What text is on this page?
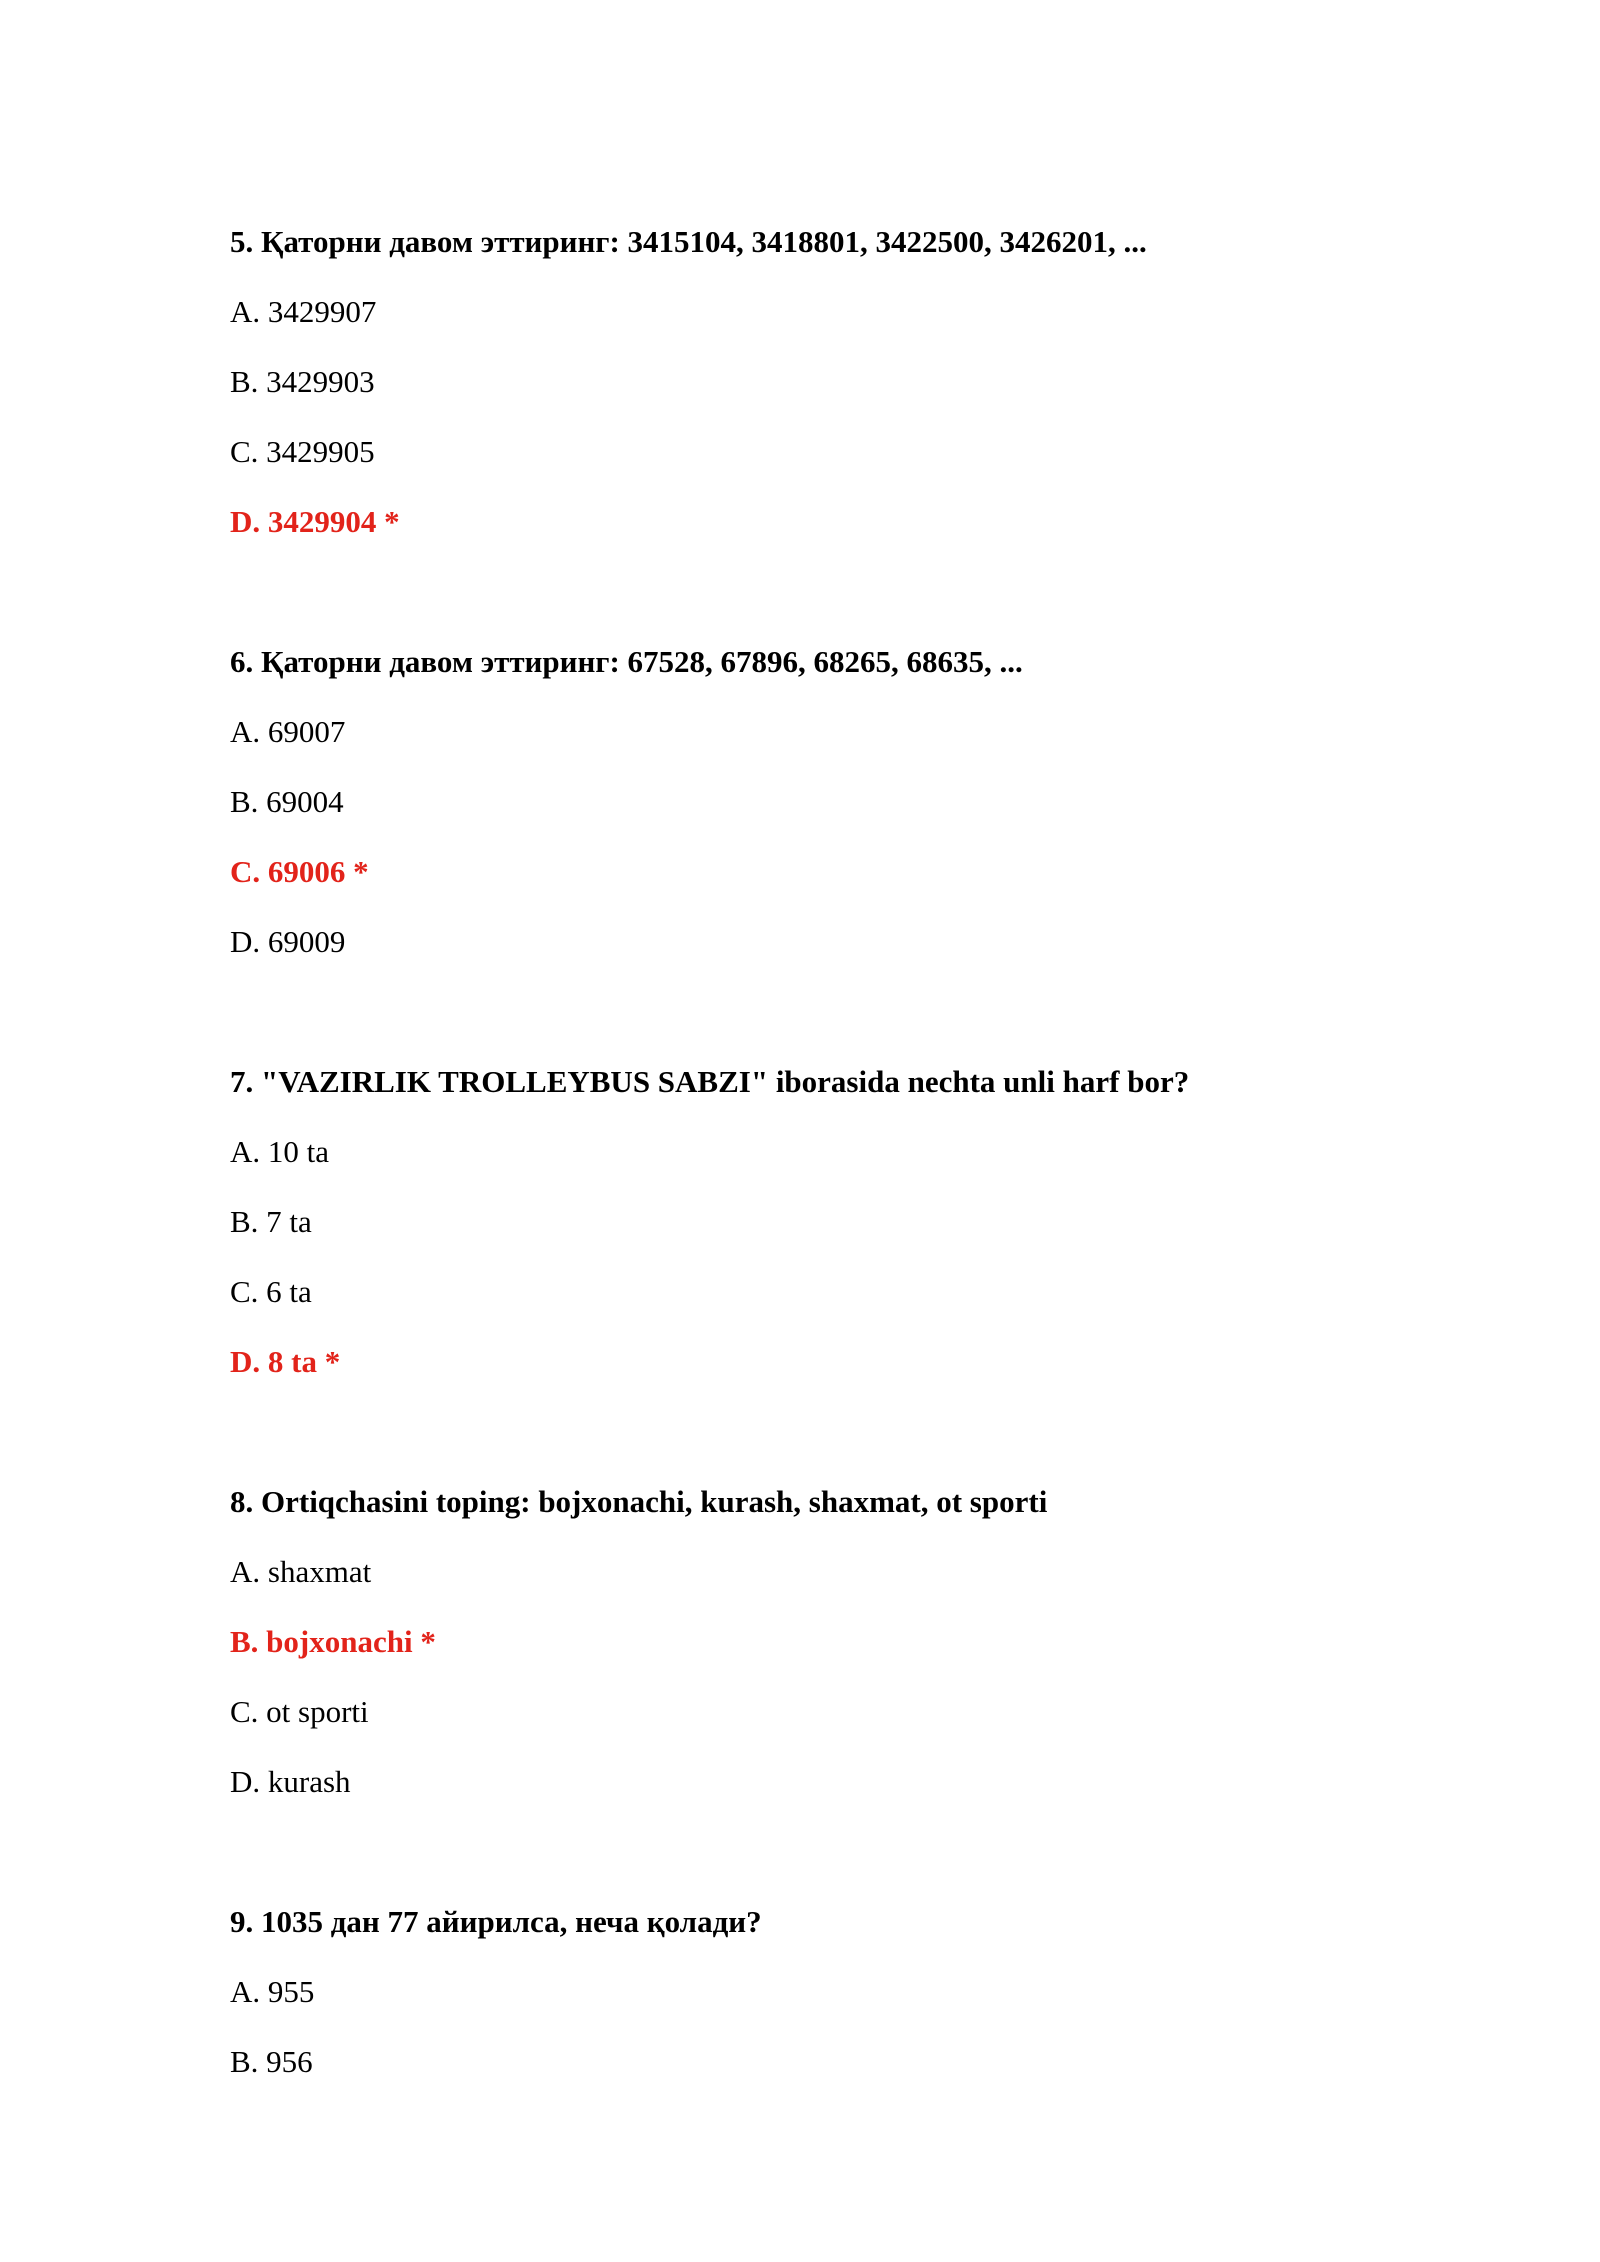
5. Қаторни давом эттиринг: 3415104, 3418801, 3422500, 3426201, ...

A. 3429907
B. 3429903
C. 3429905
D. 3429904 *

6. Қаторни давом эттиринг: 67528, 67896, 68265, 68635, ...

A. 69007
B. 69004
C. 69006 *
D. 69009

7. "VAZIRLIK TROLLEYBUS SABZI" iborasida nechta unli harf bor?

A. 10 ta
B. 7 ta
C. 6 ta
D. 8 ta *

8. Ortiqchasini toping: bojxonachi, kurash, shaxmat, ot sporti

A. shaxmat
B. bojxonachi *
C. ot sporti
D. kurash

9. 1035 дан 77 айирилса, неча қолади?

A. 955
B. 956
